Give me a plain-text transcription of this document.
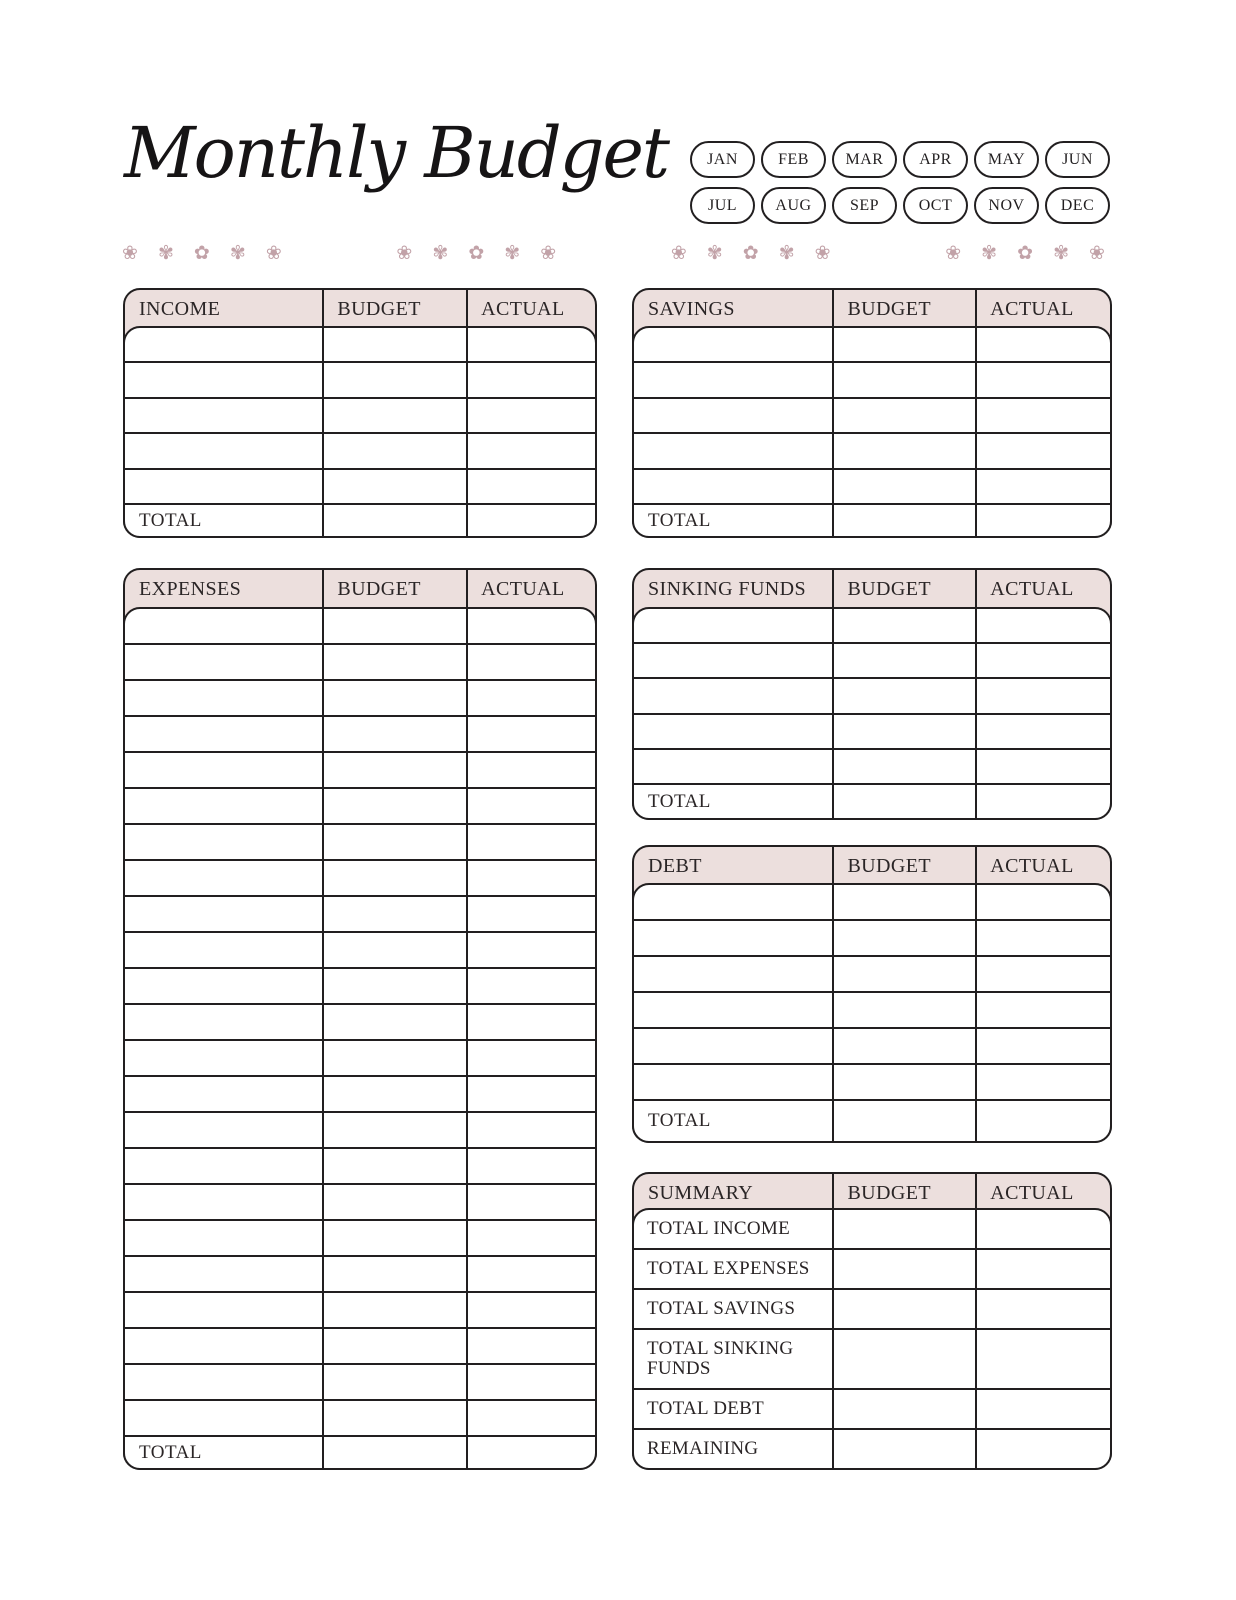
Monthly Budget	JAN	FEB	MAR	APR	MAY	JUN
JUL	AUG	SEP	OCT	NOV	DEC
❀ ✾ ✿ ✾ ❀	❀ ✾ ✿ ✾ ❀	❀ ✾ ✿ ✾ ❀	❀ ✾ ✿ ✾ ❀
INCOME	BUDGET	ACTUAL
TOTAL
SAVINGS	BUDGET	ACTUAL
TOTAL
EXPENSES	BUDGET	ACTUAL
TOTAL
SINKING FUNDS	BUDGET	ACTUAL
TOTAL
DEBT	BUDGET	ACTUAL
TOTAL
SUMMARY	BUDGET	ACTUAL
TOTAL INCOME
TOTAL EXPENSES
TOTAL SAVINGS
TOTAL SINKING FUNDS
TOTAL DEBT
REMAINING
